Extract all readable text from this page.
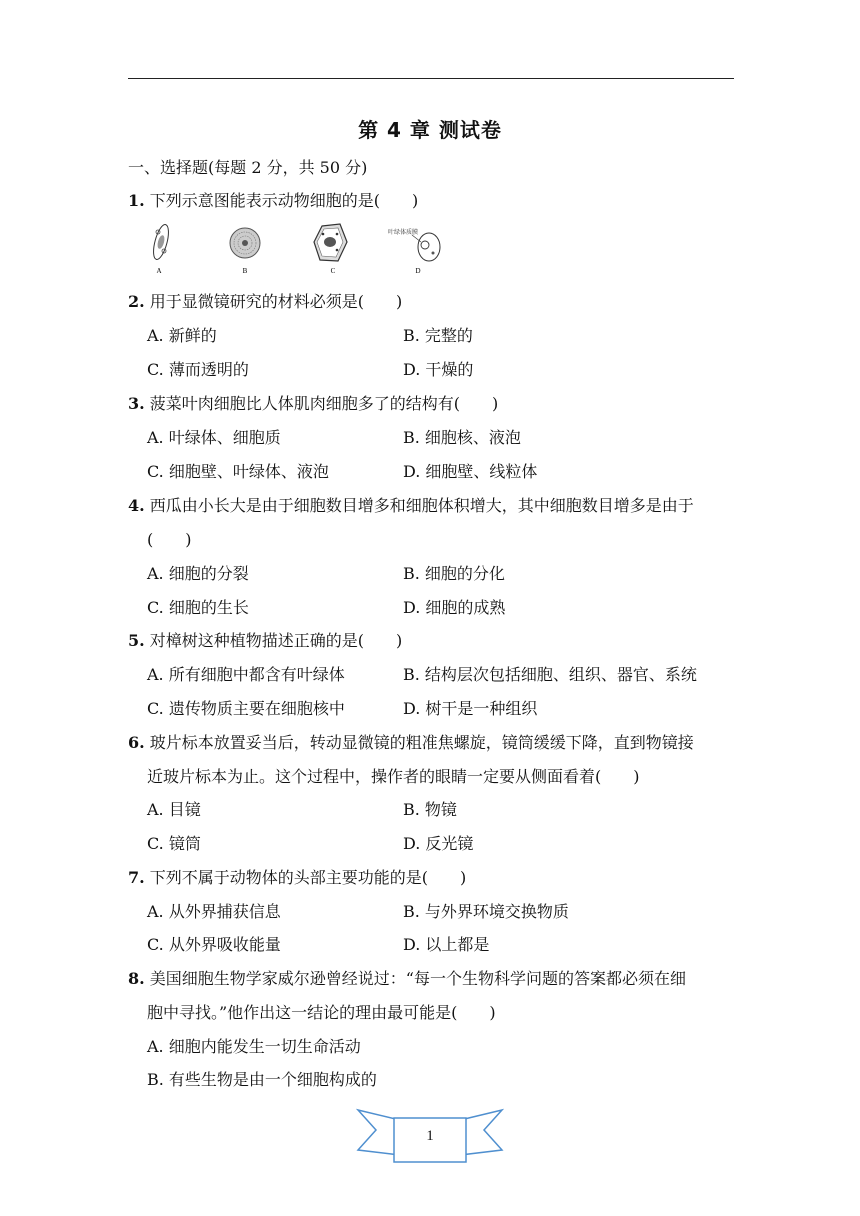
第 4 章 测试卷
一、选择题(每题 2 分，共 50 分)
1. 下列示意图能表示动物细胞的是(　　)
A	B	C
叶绿体质膜
D
2. 用于显微镜研究的材料必须是(　　)
A. 新鲜的	B. 完整的
C. 薄而透明的	D. 干燥的
3. 菠菜叶肉细胞比人体肌肉细胞多了的结构有(　　)
A. 叶绿体、细胞质	B. 细胞核、液泡
C. 细胞壁、叶绿体、液泡	D. 细胞壁、线粒体
4. 西瓜由小长大是由于细胞数目增多和细胞体积增大，其中细胞数目增多是由于
(　　)
A. 细胞的分裂	B. 细胞的分化
C. 细胞的生长	D. 细胞的成熟
5. 对樟树这种植物描述正确的是(　　)
A. 所有细胞中都含有叶绿体	B. 结构层次包括细胞、组织、器官、系统
C. 遗传物质主要在细胞核中	D. 树干是一种组织
6. 玻片标本放置妥当后，转动显微镜的粗准焦螺旋，镜筒缓缓下降，直到物镜接
近玻片标本为止。这个过程中，操作者的眼睛一定要从侧面看着(　　)
A. 目镜	B. 物镜
C. 镜筒	D. 反光镜
7. 下列不属于动物体的头部主要功能的是(　　)
A. 从外界捕获信息	B. 与外界环境交换物质
C. 从外界吸收能量	D. 以上都是
8. 美国细胞生物学家威尔逊曾经说过：“每一个生物科学问题的答案都必须在细
胞中寻找。”他作出这一结论的理由最可能是(　　)
A. 细胞内能发生一切生命活动
B. 有些生物是由一个细胞构成的
1
